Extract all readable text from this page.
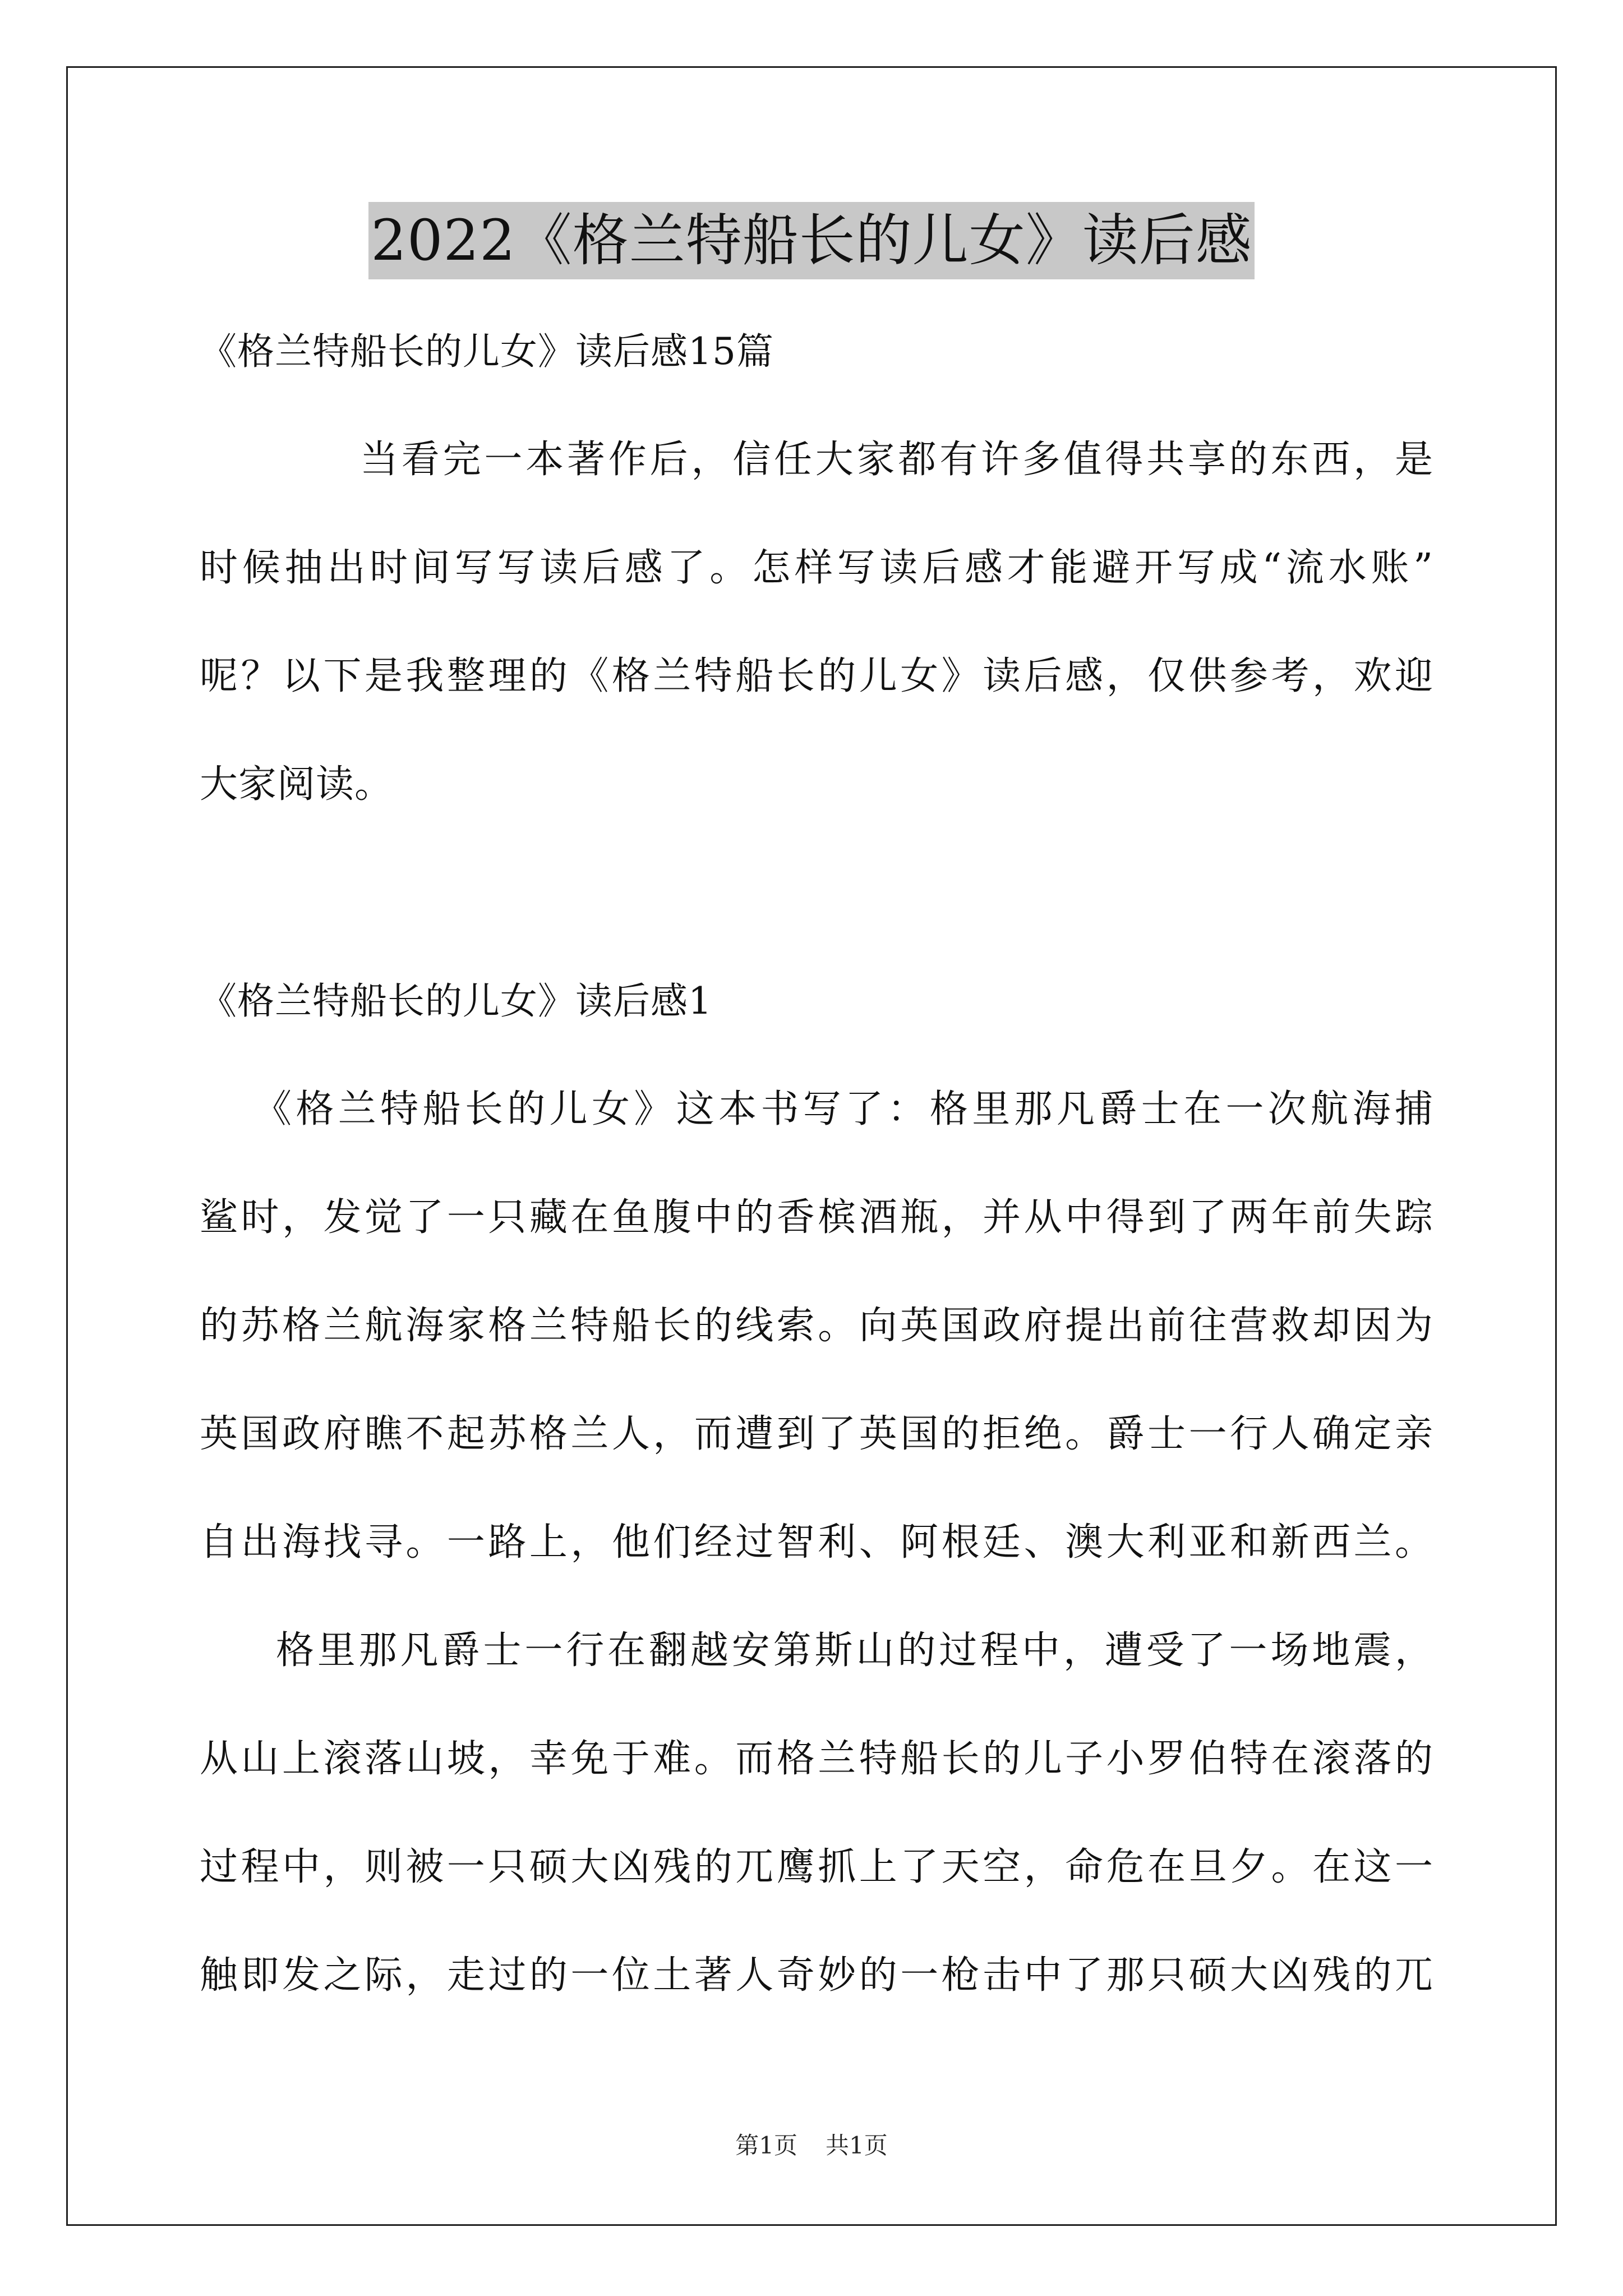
2022《格兰特船长的儿女》读后感
《格兰特船长的儿女》读后感15篇
当看完一本著作后，信任大家都有许多值得共享的东西，是
时候抽出时间写写读后感了。怎样写读后感才能避开写成“流水账”
呢？以下是我整理的《格兰特船长的儿女》读后感，仅供参考，欢迎
大家阅读。
《格兰特船长的儿女》读后感1
《格兰特船长的儿女》这本书写了：格里那凡爵士在一次航海捕
鲨时，发觉了一只藏在鱼腹中的香槟酒瓶，并从中得到了两年前失踪
的苏格兰航海家格兰特船长的线索。向英国政府提出前往营救却因为
英国政府瞧不起苏格兰人，而遭到了英国的拒绝。爵士一行人确定亲
自出海找寻。一路上，他们经过智利、阿根廷、澳大利亚和新西兰。
格里那凡爵士一行在翻越安第斯山的过程中，遭受了一场地震，
从山上滚落山坡，幸免于难。而格兰特船长的儿子小罗伯特在滚落的
过程中，则被一只硕大凶残的兀鹰抓上了天空，命危在旦夕。在这一
触即发之际，走过的一位土著人奇妙的一枪击中了那只硕大凶残的兀
第1页 共1页
